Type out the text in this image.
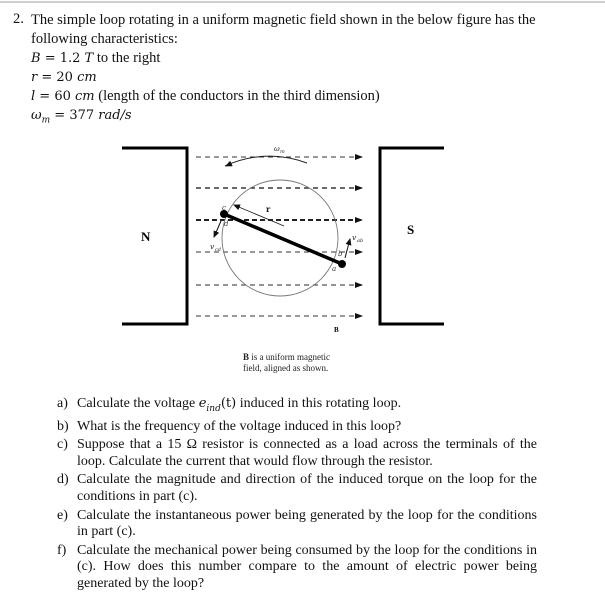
2. The simple loop rotating in a uniform magnetic field shown in the below figure has the
following characteristics:
B = 1.2 T to the right
r = 20 cm
l = 60 cm (length of the conductors in the third dimension)
$\omega_m = 377$ rad/s
ω m
r
c
d
b
a
v cd
v ab
N	S
B
B is a uniform magnetic
field, aligned as shown.
a) Calculate the voltage $e_{ind}(t)$ induced in this rotating loop.
b) What is the frequency of the voltage induced in this loop?
c) Suppose that a 15 Ω resistor is connected as a load across the terminals of the loop. Calculate the current that would flow through the resistor.
d) Calculate the magnitude and direction of the induced torque on the loop for the conditions in part (c).
e) Calculate the instantaneous power being generated by the loop for the conditions in part (c).
f) Calculate the mechanical power being consumed by the loop for the conditions in (c). How does this number compare to the amount of electric power being generated by the loop?
